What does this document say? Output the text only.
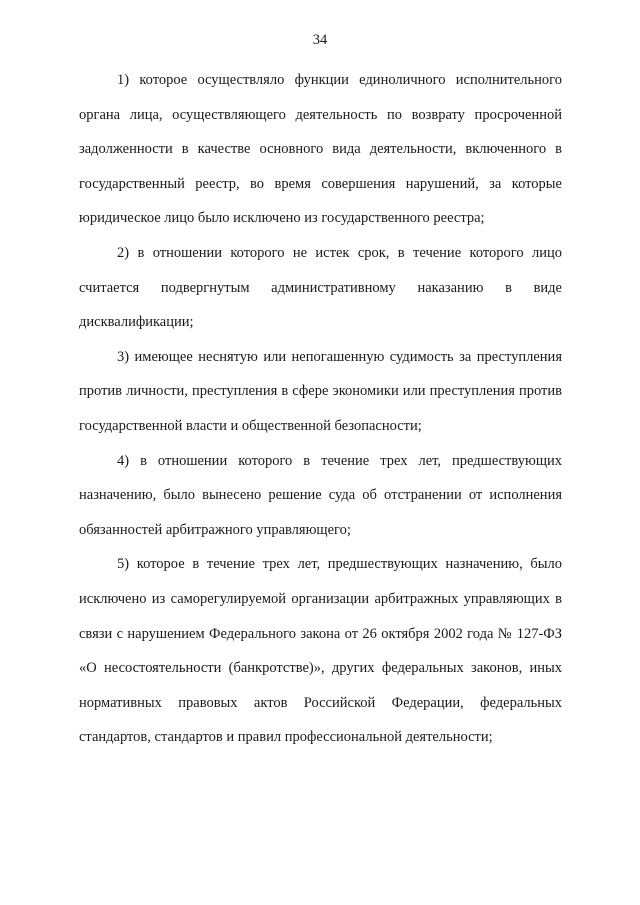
34

1) которое осуществляло функции единоличного исполнительного органа лица, осуществляющего деятельность по возврату просроченной задолженности в качестве основного вида деятельности, включенного в государственный реестр, во время совершения нарушений, за которые юридическое лицо было исключено из государственного реестра;

2) в отношении которого не истек срок, в течение которого лицо считается подвергнутым административному наказанию в виде дисквалификации;

3) имеющее неснятую или непогашенную судимость за преступления против личности, преступления в сфере экономики или преступления против государственной власти и общественной безопасности;

4) в отношении которого в течение трех лет, предшествующих назначению, было вынесено решение суда об отстранении от исполнения обязанностей арбитражного управляющего;

5) которое в течение трех лет, предшествующих назначению, было исключено из саморегулируемой организации арбитражных управляющих в связи с нарушением Федерального закона от 26 октября 2002 года № 127-ФЗ «О несостоятельности (банкротстве)», других федеральных законов, иных нормативных правовых актов Российской Федерации, федеральных стандартов, стандартов и правил профессиональной деятельности;
